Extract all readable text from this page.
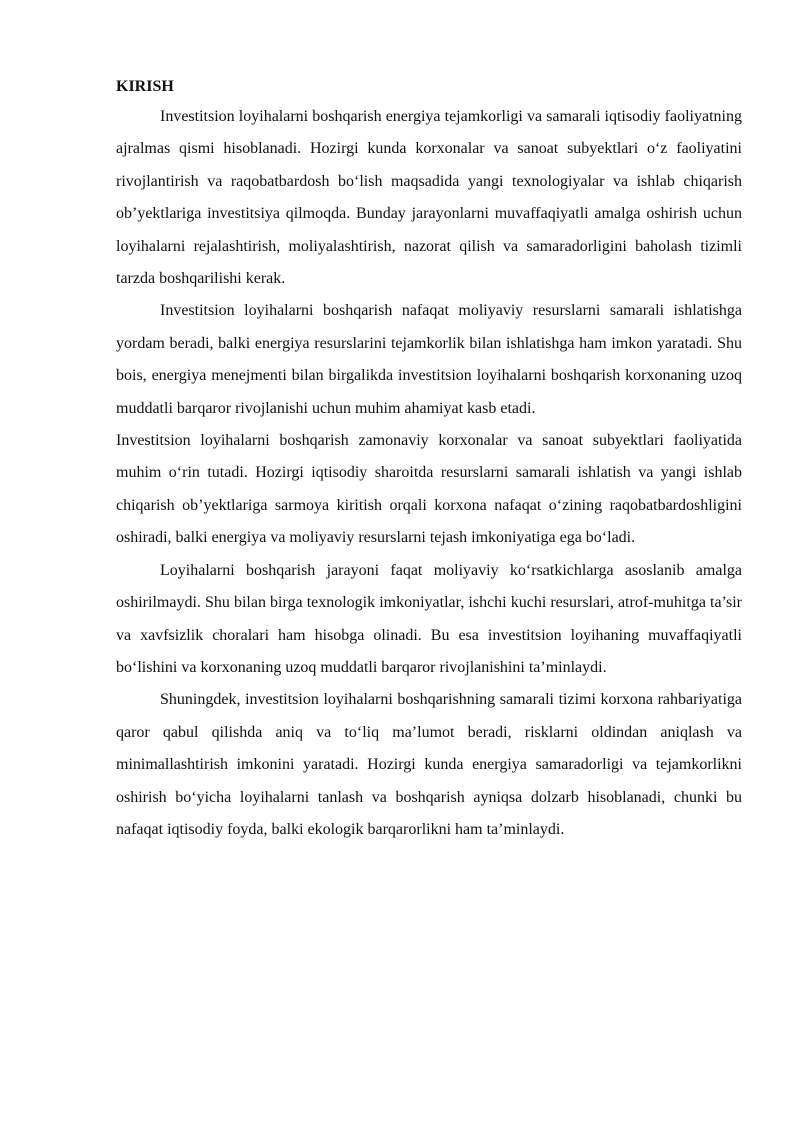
KIRISH

Investitsion loyihalarni boshqarish energiya tejamkorligi va samarali iqtisodiy faoliyatning ajralmas qismi hisoblanadi. Hozirgi kunda korxonalar va sanoat subyektlari o‘z faoliyatini rivojlantirish va raqobatbardosh bo‘lish maqsadida yangi texnologiyalar va ishlab chiqarish ob’yektlariga investitsiya qilmoqda. Bunday jarayonlarni muvaffaqiyatli amalga oshirish uchun loyihalarni rejalashtirish, moliyalashtirish, nazorat qilish va samaradorligini baholash tizimli tarzda boshqarilishi kerak.

Investitsion loyihalarni boshqarish nafaqat moliyaviy resurslarni samarali ishlatishga yordam beradi, balki energiya resurslarini tejamkorlik bilan ishlatishga ham imkon yaratadi. Shu bois, energiya menejmenti bilan birgalikda investitsion loyihalarni boshqarish korxonaning uzoq muddatli barqaror rivojlanishi uchun muhim ahamiyat kasb etadi.

Investitsion loyihalarni boshqarish zamonaviy korxonalar va sanoat subyektlari faoliyatida muhim o‘rin tutadi. Hozirgi iqtisodiy sharoitda resurslarni samarali ishlatish va yangi ishlab chiqarish ob’yektlariga sarmoya kiritish orqali korxona nafaqat o‘zining raqobatbardoshligini oshiradi, balki energiya va moliyaviy resurslarni tejash imkoniyatiga ega bo‘ladi.

Loyihalarni boshqarish jarayoni faqat moliyaviy ko‘rsatkichlarga asoslanib amalga oshirilmaydi. Shu bilan birga texnologik imkoniyatlar, ishchi kuchi resurslari, atrof-muhitga ta’sir va xavfsizlik choralari ham hisobga olinadi. Bu esa investitsion loyihaning muvaffaqiyatli bo‘lishini va korxonaning uzoq muddatli barqaror rivojlanishini ta’minlaydi.

Shuningdek, investitsion loyihalarni boshqarishning samarali tizimi korxona rahbariyatiga qaror qabul qilishda aniq va to‘liq ma’lumot beradi, risklarni oldindan aniqlash va minimallashtirish imkonini yaratadi. Hozirgi kunda energiya samaradorligi va tejamkorlikni oshirish bo‘yicha loyihalarni tanlash va boshqarish ayniqsa dolzarb hisoblanadi, chunki bu nafaqat iqtisodiy foyda, balki ekologik barqarorlikni ham ta’minlaydi.
